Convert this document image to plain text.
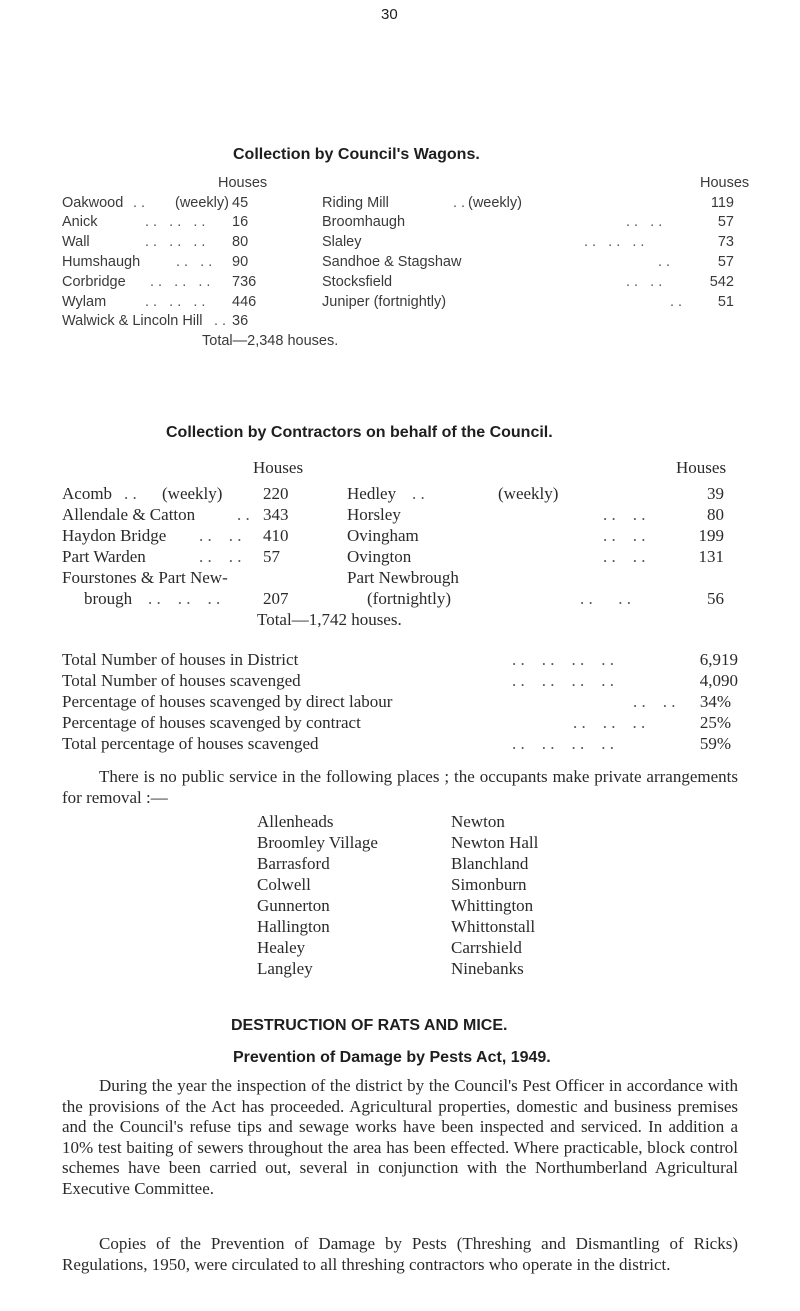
30
Collection by Council's Wagons.
Houses	Houses
Oakwood . . (weekly) 45
Anick	. .   . .   . . 16
Wall	. .   . .   . . 80
Humshaugh . .   . . 90
Corbridge . .   . .   . . 736
Wylam	. .   . .   . . 446
Walwick & Lincoln Hill . . 36
Riding Mill	. . (weekly)	119
Broomhaugh	. .   . .	57
Slaley	. .   . .   . .	73
Sandhoe & Stagshaw	. .	57
Stocksfield	. .   . .	542
Juniper (fortnightly)	. .	51
Total—2,348 houses.
Collection by Contractors on behalf of the Council.
Houses	Houses
Acomb . . (weekly) 220
Allendale & Catton . . 343
Haydon Bridge . .    . . 410
Part Warden	. .    . . 57
Fourstones & Part New-
brough . .    . .    . .	207
Hedley . .	(weekly)	39
Horsley	. .    . .	80
Ovingham	. .    . .	199
Ovington	. .    . .	131
Part Newbrough
(fortnightly)	. .      . .	56
Total—1,742 houses.
Total Number of houses in District	. .    . .    . .    . .	6,919
Total Number of houses scavenged	. .    . .    . .    . .	4,090
Percentage of houses scavenged by direct labour	. .    . .	34%
Percentage of houses scavenged by contract	. .    . .    . .	25%
Total percentage of houses scavenged	. .    . .    . .    . .	59%
There is no public service in the following places ; the occupants make private arrangements for removal :—
Allenheads
Broomley Village
Barrasford
Colwell
Gunnerton
Hallington
Healey
Langley
Newton
Newton Hall
Blanchland
Simonburn
Whittington
Whittonstall
Carrshield
Ninebanks
DESTRUCTION OF RATS AND MICE.
Prevention of Damage by Pests Act, 1949.
During the year the inspection of the district by the Council's Pest Officer in accordance with the provisions of the Act has proceeded. Agricultural properties, domestic and business premises and the Council's refuse tips and sewage works have been inspected and serviced. In addition a 10% test baiting of sewers throughout the area has been effected. Where practicable, block control schemes have been carried out, several in conjunction with the Northumberland Agricultural Executive Committee.
Copies of the Prevention of Damage by Pests (Threshing and Dismantling of Ricks) Regulations, 1950, were circulated to all threshing contractors who operate in the district.
